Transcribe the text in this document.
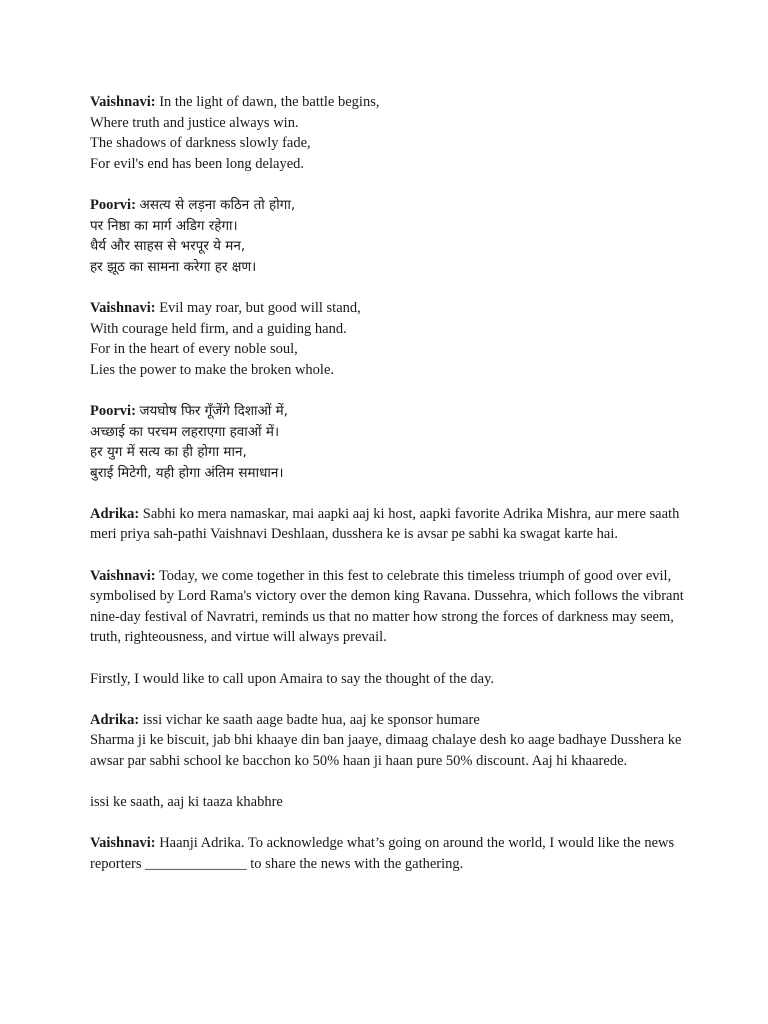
Vaishnavi: In the light of dawn, the battle begins,
Where truth and justice always win.
The shadows of darkness slowly fade,
For evil's end has been long delayed.
Poorvi: असत्य से लड़ना कठिन तो होगा,
पर निष्ठा का मार्ग अडिग रहेगा।
धैर्य और साहस से भरपूर ये मन,
हर झूठ का सामना करेगा हर क्षण।
Vaishnavi: Evil may roar, but good will stand,
With courage held firm, and a guiding hand.
For in the heart of every noble soul,
Lies the power to make the broken whole.
Poorvi: जयघोष फिर गूँजेंगे दिशाओं में,
अच्छाई का परचम लहराएगा हवाओं में।
हर युग में सत्य का ही होगा मान,
बुराई मिटेगी, यही होगा अंतिम समाधान।
Adrika: Sabhi ko mera namaskar, mai aapki aaj ki host, aapki favorite Adrika Mishra, aur mere saath meri priya sah-pathi Vaishnavi Deshlaan, dusshera ke is avsar pe sabhi ka swagat karte hai.
Vaishnavi: Today, we come together in this fest to celebrate this timeless triumph of good over evil, symbolised by Lord Rama's victory over the demon king Ravana. Dussehra, which follows the vibrant nine-day festival of Navratri, reminds us that no matter how strong the forces of darkness may seem, truth, righteousness, and virtue will always prevail.
Firstly, I would like to call upon Amaira to say the thought of the day.
Adrika: issi vichar ke saath aage badte hua, aaj ke sponsor humare
Sharma ji ke biscuit, jab bhi khaaye din ban jaaye, dimaag chalaye desh ko aage badhaye Dusshera ke awsar par sabhi school ke bacchon ko 50% haan ji haan pure 50% discount. Aaj hi khaarede.
issi ke saath, aaj ki taaza khabhre
Vaishnavi: Haanji Adrika. To acknowledge what’s going on around the world, I would like the news reporters ______________ to share the news with the gathering.
